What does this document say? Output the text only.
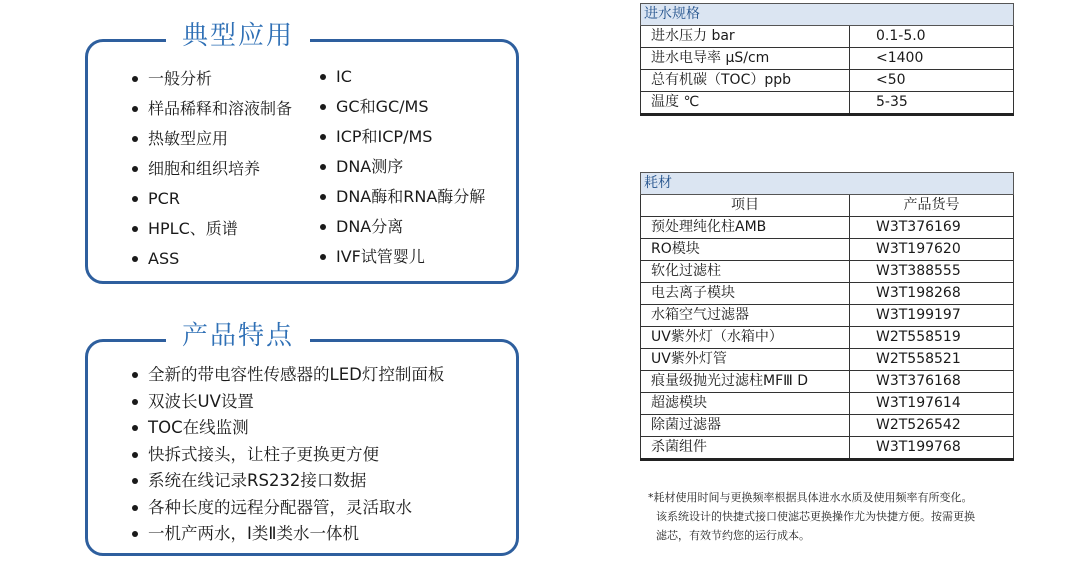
典型应用
一般分析
样品稀释和溶液制备
热敏型应用
细胞和组织培养
PCR
HPLC、质谱
ASS
IC
GC和GC/MS
ICP和ICP/MS
DNA测序
DNA酶和RNA酶分解
DNA分离
IVF试管婴儿
产品特点
全新的带电容性传感器的LED灯控制面板
双波长UV设置
TOC在线监测
快拆式接头，让柱子更换更方便
系统在线记录RS232接口数据
各种长度的远程分配器管，灵活取水
一机产两水，Ⅰ类Ⅱ类水一体机
进水规格	
进水压力 bar	0.1-5.0
进水电导率 μS/cm	<1400
总有机碳（TOC）ppb	<50
温度 ℃	5-35
耗材	
项目	产品货号
预处理纯化柱AMB	W3T376169
RO模块	W3T197620
软化过滤柱	W3T388555
电去离子模块	W3T198268
水箱空气过滤器	W3T199197
UV紫外灯（水箱中）	W2T558519
UV紫外灯管	W2T558521
痕量级抛光过滤柱MFⅢ D	W3T376168
超滤模块	W3T197614
除菌过滤器	W2T526542
杀菌组件	W3T199768

*耗材使用时间与更换频率根据具体进水水质及使用频率有所变化。

该系统设计的快捷式接口使滤芯更换操作尤为快捷方便。按需更换

滤芯，有效节约您的运行成本。
